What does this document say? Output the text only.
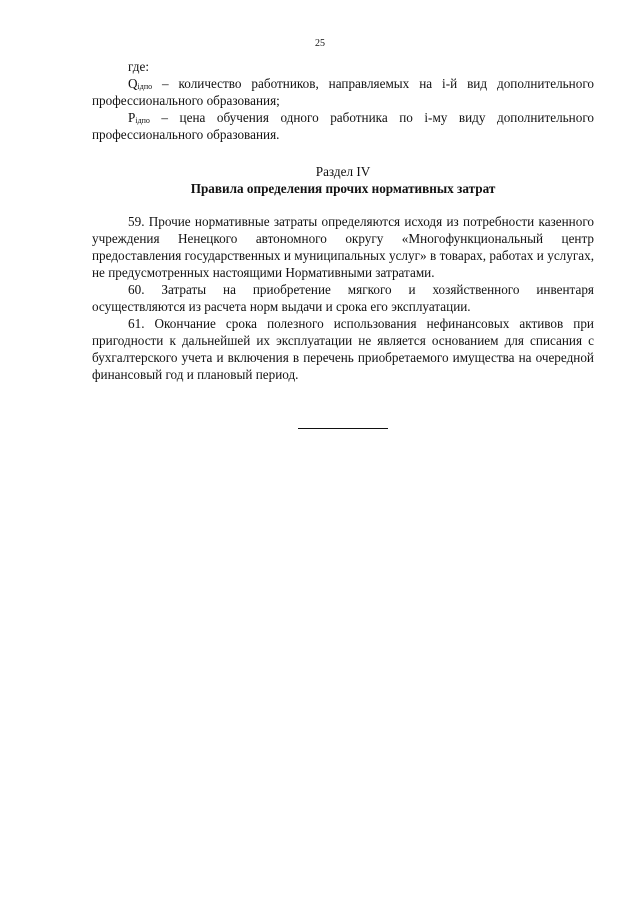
25

где:

$Q_{iдпо}$ – количество работников, направляемых на i-й вид дополнительного профессионального образования;

$P_{iдпо}$ – цена обучения одного работника по i-му виду дополнительного профессионального образования.

Раздел IV

Правила определения прочих нормативных затрат

59. Прочие нормативные затраты определяются исходя из потребности казенного учреждения Ненецкого автономного округу «Многофункциональный центр предоставления государственных и муниципальных услуг» в товарах, работах и услугах, не предусмотренных настоящими Нормативными затратами.

60. Затраты на приобретение мягкого и хозяйственного инвентаря осуществляются из расчета норм выдачи и срока его эксплуатации.

61. Окончание срока полезного использования нефинансовых активов при пригодности к дальнейшей их эксплуатации не является основанием для списания с бухгалтерского учета и включения в перечень приобретаемого имущества на очередной финансовый год и плановый период.
